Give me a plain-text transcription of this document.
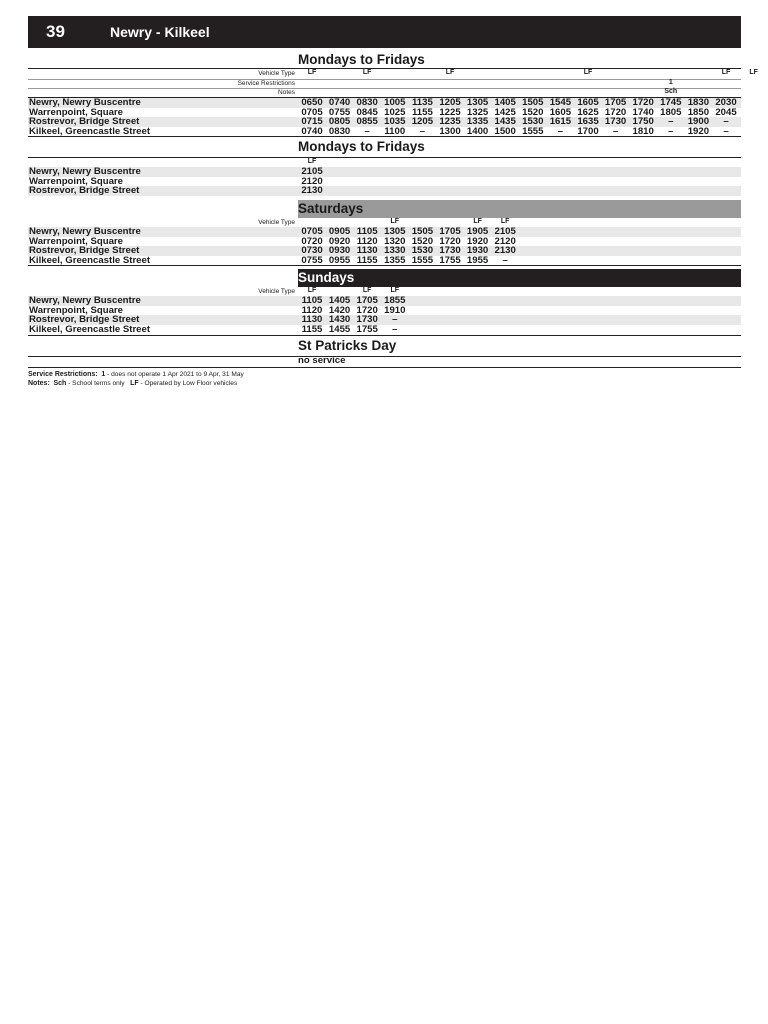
39	Newry - Kilkeel
Mondays to Fridays
Vehicle Type	LF	LF	LF	LF	LF	LF
Service Restrictions	1
Notes	Sch
Newry, Newry Buscentre	0650 0740 0830 1005 1135 1205 1305 1405 1505 1545 1605 1705 1720 1745 1830 2030
Warrenpoint, Square	0705 0755 0845 1025 1155 1225 1325 1425 1520 1605 1625 1720 1740 1805 1850 2045
Rostrevor, Bridge Street	0715 0805 0855 1035 1205 1235 1335 1435 1530 1615 1635 1730 1750	–	1900	–
Kilkeel, Greencastle Street	0740 0830	–	1100	–	1300 1400 1500 1555	–	1700	–	1810	–	1920	–
Mondays to Fridays
LF
Newry, Newry Buscentre	2105
Warrenpoint, Square	2120
Rostrevor, Bridge Street	2130
Saturdays
Vehicle Type	LF	LF	LF
Newry, Newry Buscentre	0705 0905 1105 1305 1505 1705 1905 2105
Warrenpoint, Square	0720 0920 1120 1320 1520 1720 1920 2120
Rostrevor, Bridge Street	0730 0930 1130 1330 1530 1730 1930 2130
Kilkeel, Greencastle Street	0755 0955 1155 1355 1555 1755 1955	–
Sundays
Vehicle Type	LF	LF	LF
Newry, Newry Buscentre	1105 1405 1705 1855
Warrenpoint, Square	1120 1420 1720 1910
Rostrevor, Bridge Street	1130 1430 1730	–
Kilkeel, Greencastle Street	1155 1455 1755	–
St Patricks Day
no service
Service Restrictions: 1 - does not operate 1 Apr 2021 to 9 Apr, 31 May
Notes: Sch - School terms only LF - Operated by Low Floor vehicles
